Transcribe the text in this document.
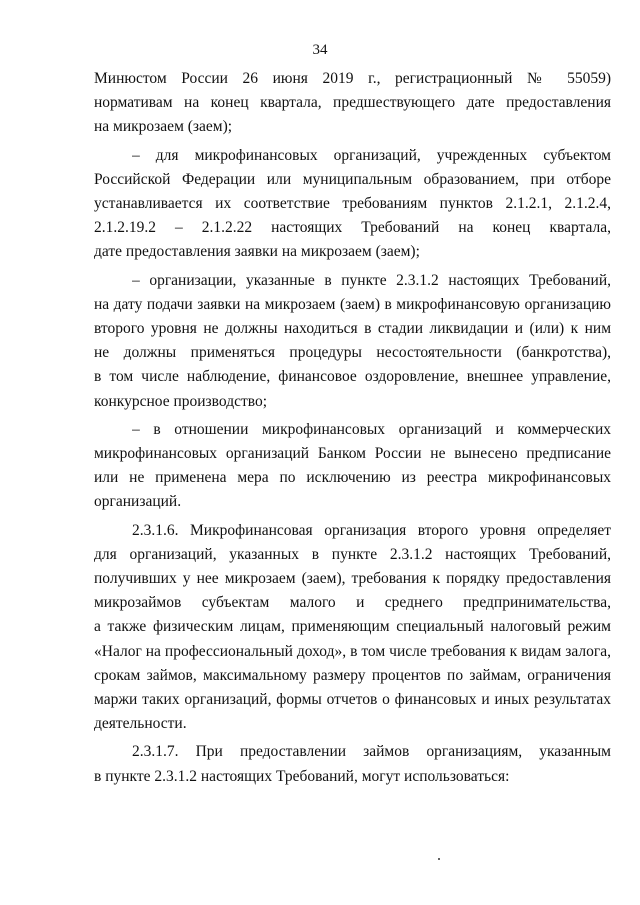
34
Минюстом России 26 июня 2019 г., регистрационный № 55059)
нормативам на конец квартала, предшествующего дате предоставления
на микрозаем (заем);
– для микрофинансовых организаций, учрежденных субъектом
Российской Федерации или муниципальным образованием, при отборе
устанавливается их соответствие требованиям пунктов 2.1.2.1, 2.1.2.4,
2.1.2.19.2 – 2.1.2.22 настоящих Требований на конец квартала,
дате предоставления заявки на микрозаем (заем);
– организации, указанные в пункте 2.3.1.2 настоящих Требований,
на дату подачи заявки на микрозаем (заем) в микрофинансовую организацию
второго уровня не должны находиться в стадии ликвидации и (или) к ним
не должны применяться процедуры несостоятельности (банкротства),
в том числе наблюдение, финансовое оздоровление, внешнее управление,
конкурсное производство;
– в отношении микрофинансовых организаций и коммерческих
микрофинансовых организаций Банком России не вынесено предписание
или не применена мера по исключению из реестра микрофинансовых
организаций.
2.3.1.6. Микрофинансовая организация второго уровня определяет
для организаций, указанных в пункте 2.3.1.2 настоящих Требований,
получивших у нее микрозаем (заем), требования к порядку предоставления
микрозаймов субъектам малого и среднего предпринимательства,
а также физическим лицам, применяющим специальный налоговый режим
«Налог на профессиональный доход», в том числе требования к видам залога,
срокам займов, максимальному размеру процентов по займам, ограничения
маржи таких организаций, формы отчетов о финансовых и иных результатах
деятельности.
2.3.1.7. При предоставлении займов организациям, указанным
в пункте 2.3.1.2 настоящих Требований, могут использоваться:
